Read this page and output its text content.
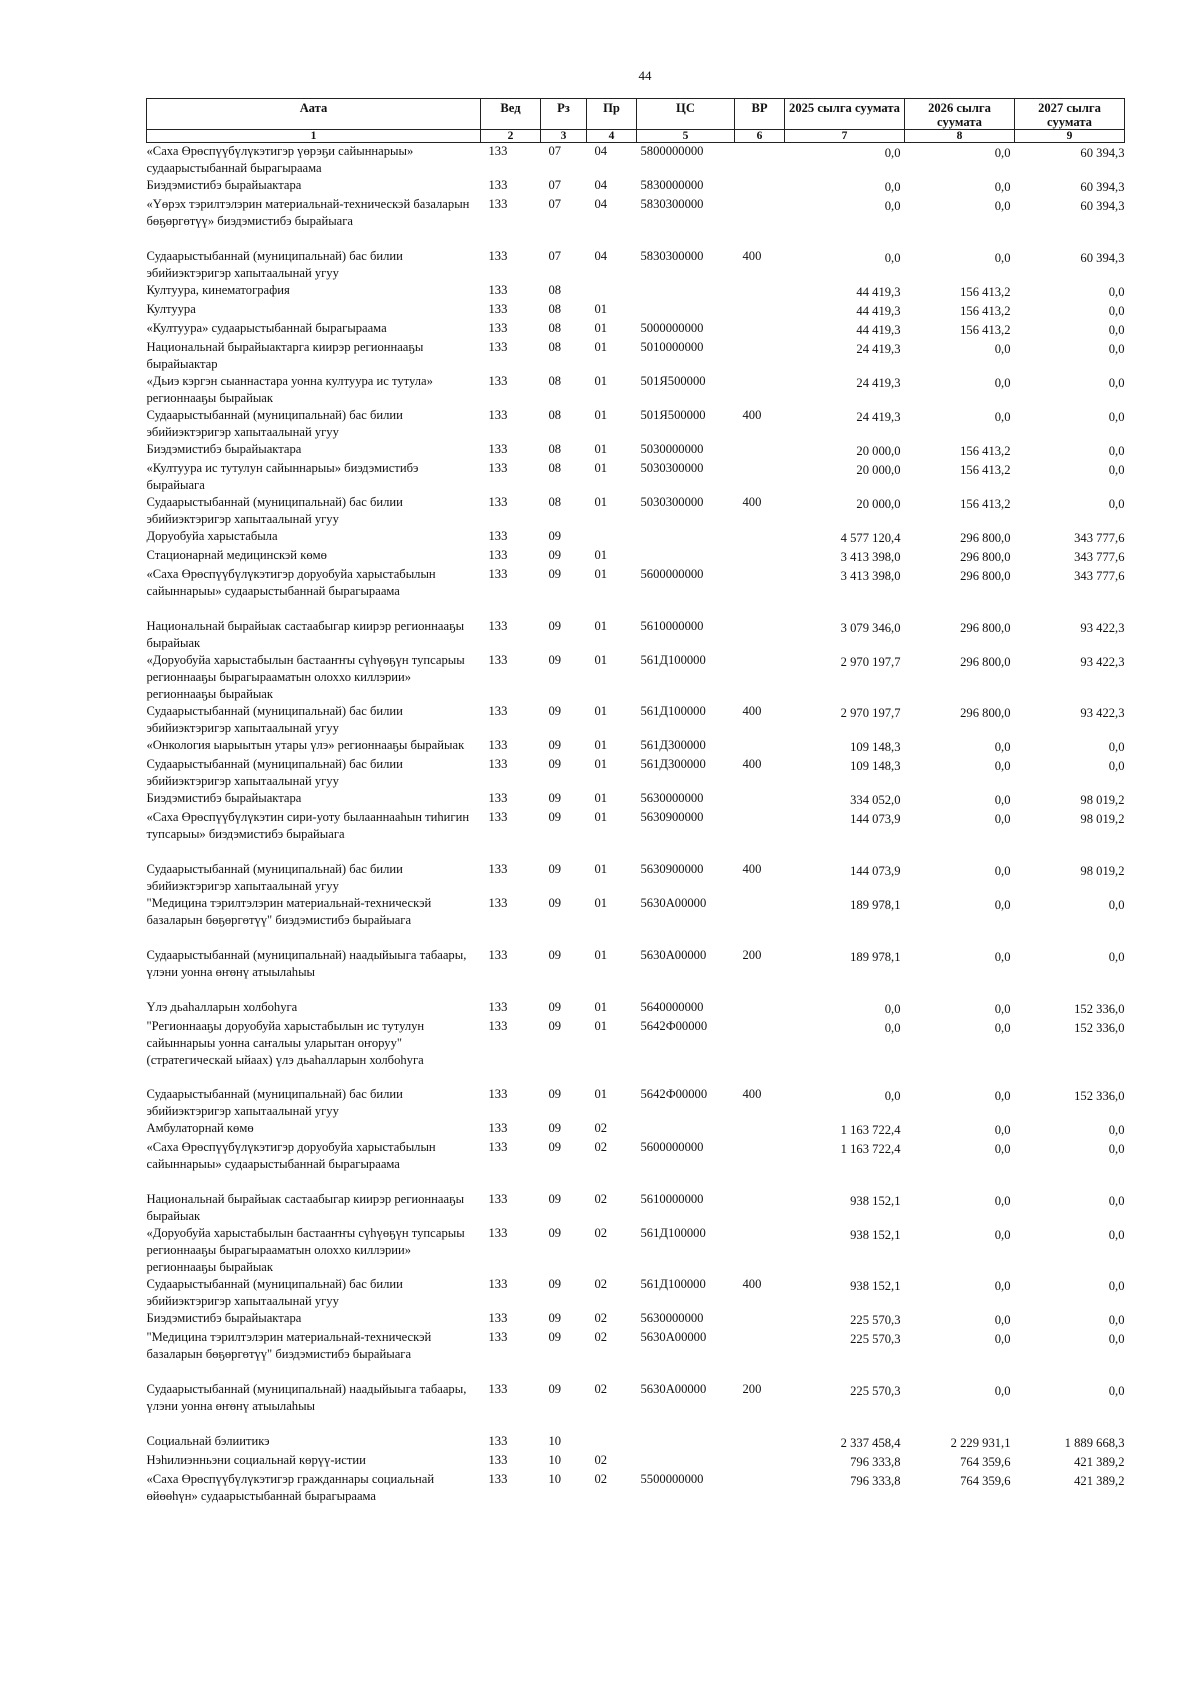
44
Аата	Вед	Рз	Пр	ЦС	ВР	2025 сылга суумата	2026 сылга суумата	2027 сылга суумата
1	2	3	4	5	6	7	8	9
«Саха Өрөспүүбүлүкэтигэр үөрэҕи сайыннарыы» судаарыстыбаннай бырагыраама	133	07	04	5800000000		0,0	0,0	60 394,3
Биэдэмистибэ бырайыактара	133	07	04	5830000000		0,0	0,0	60 394,3
«Үөрэх тэрилтэлэрин материальнай-техническэй базаларын бөҕөргөтүү» биэдэмистибэ бырайыага	133	07	04	5830300000		0,0	0,0	60 394,3
Судаарыстыбаннай (муниципальнай) бас билии эбийиэктэригэр хапытаалынай угуу	133	07	04	5830300000	400	0,0	0,0	60 394,3
Култуура, кинематография	133	08				44 419,3	156 413,2	0,0
Култуура	133	08	01			44 419,3	156 413,2	0,0
«Култуура» судаарыстыбаннай бырагыраама	133	08	01	5000000000		44 419,3	156 413,2	0,0
Национальнай бырайыактарга киирэр регионнааҕы бырайыактар	133	08	01	5010000000		24 419,3	0,0	0,0
«Дьиэ кэргэн сыаннастара уонна култуура ис тутула» регионнааҕы бырайыак	133	08	01	501Я500000		24 419,3	0,0	0,0
Судаарыстыбаннай (муниципальнай) бас билии эбийиэктэригэр хапытаалынай угуу	133	08	01	501Я500000	400	24 419,3	0,0	0,0
Биэдэмистибэ бырайыактара	133	08	01	5030000000		20 000,0	156 413,2	0,0
«Култуура ис тутулун сайыннарыы» биэдэмистибэ бырайыага	133	08	01	5030300000		20 000,0	156 413,2	0,0
Судаарыстыбаннай (муниципальнай) бас билии эбийиэктэригэр хапытаалынай угуу	133	08	01	5030300000	400	20 000,0	156 413,2	0,0
Доруобуйа харыстабыла	133	09				4 577 120,4	296 800,0	343 777,6
Стационарнай медицинскэй көмө	133	09	01			3 413 398,0	296 800,0	343 777,6
«Саха Өрөспүүбүлүкэтигэр доруобуйа харыстабылын сайыннарыы» судаарыстыбаннай бырагыраама	133	09	01	5600000000		3 413 398,0	296 800,0	343 777,6
Национальнай бырайыак састаабыгар киирэр регионнааҕы бырайыак	133	09	01	5610000000		3 079 346,0	296 800,0	93 422,3
«Доруобуйа харыстабылын бастааҥҥы сүһүөҕүн тупсарыы регионнааҕы бырагырааматын олоххо киллэрии» регионнааҕы бырайыак	133	09	01	561Д100000		2 970 197,7	296 800,0	93 422,3
Судаарыстыбаннай (муниципальнай) бас билии эбийиэктэригэр хапытаалынай угуу	133	09	01	561Д100000	400	2 970 197,7	296 800,0	93 422,3
«Онкология ыарыытын утары үлэ» регионнааҕы бырайыак	133	09	01	561Д300000		109 148,3	0,0	0,0
Судаарыстыбаннай (муниципальнай) бас билии эбийиэктэригэр хапытаалынай угуу	133	09	01	561Д300000	400	109 148,3	0,0	0,0
Биэдэмистибэ бырайыактара	133	09	01	5630000000		334 052,0	0,0	98 019,2
«Саха Өрөспүүбүлүкэтин сири-уоту былааннааһын тиһигин тупсарыы» биэдэмистибэ бырайыага	133	09	01	5630900000		144 073,9	0,0	98 019,2
Судаарыстыбаннай (муниципальнай) бас билии эбийиэктэригэр хапытаалынай угуу	133	09	01	5630900000	400	144 073,9	0,0	98 019,2
"Медицина тэрилтэлэрин материальнай-техническэй базаларын бөҕөргөтүү" биэдэмистибэ бырайыага	133	09	01	5630А00000		189 978,1	0,0	0,0
Судаарыстыбаннай (муниципальнай) наадыйыыга табаары, үлэни уонна өҥөнү атыылаһыы	133	09	01	5630А00000	200	189 978,1	0,0	0,0
Үлэ дьаһалларын холбоһуга	133	09	01	5640000000		0,0	0,0	152 336,0
"Регионнааҕы доруобуйа харыстабылын ис тутулун сайыннарыы уонна саҥалыы уларытан оҥоруу" (стратегическай ыйаах) үлэ дьаһалларын холбоһуга	133	09	01	5642Ф00000		0,0	0,0	152 336,0
Судаарыстыбаннай (муниципальнай) бас билии эбийиэктэригэр хапытаалынай угуу	133	09	01	5642Ф00000	400	0,0	0,0	152 336,0
Амбулаторнай көмө	133	09	02			1 163 722,4	0,0	0,0
«Саха Өрөспүүбүлүкэтигэр доруобуйа харыстабылын сайыннарыы» судаарыстыбаннай бырагыраама	133	09	02	5600000000		1 163 722,4	0,0	0,0
Национальнай бырайыак састаабыгар киирэр регионнааҕы бырайыак	133	09	02	5610000000		938 152,1	0,0	0,0
«Доруобуйа харыстабылын бастааҥҥы сүһүөҕүн тупсарыы регионнааҕы бырагырааматын олоххо киллэрии» регионнааҕы бырайыак	133	09	02	561Д100000		938 152,1	0,0	0,0
Судаарыстыбаннай (муниципальнай) бас билии эбийиэктэригэр хапытаалынай угуу	133	09	02	561Д100000	400	938 152,1	0,0	0,0
Биэдэмистибэ бырайыактара	133	09	02	5630000000		225 570,3	0,0	0,0
"Медицина тэрилтэлэрин материальнай-техническэй базаларын бөҕөргөтүү" биэдэмистибэ бырайыага	133	09	02	5630А00000		225 570,3	0,0	0,0
Судаарыстыбаннай (муниципальнай) наадыйыыга табаары, үлэни уонна өҥөнү атыылаһыы	133	09	02	5630А00000	200	225 570,3	0,0	0,0
Социальнай бэлиитикэ	133	10				2 337 458,4	2 229 931,1	1 889 668,3
Нэһилиэнньэни социальнай көрүү-истии	133	10	02			796 333,8	764 359,6	421 389,2
«Саха Өрөспүүбүлүкэтигэр гражданнары социальнай өйөөһүн» судаарыстыбаннай бырагыраама	133	10	02	5500000000		796 333,8	764 359,6	421 389,2
